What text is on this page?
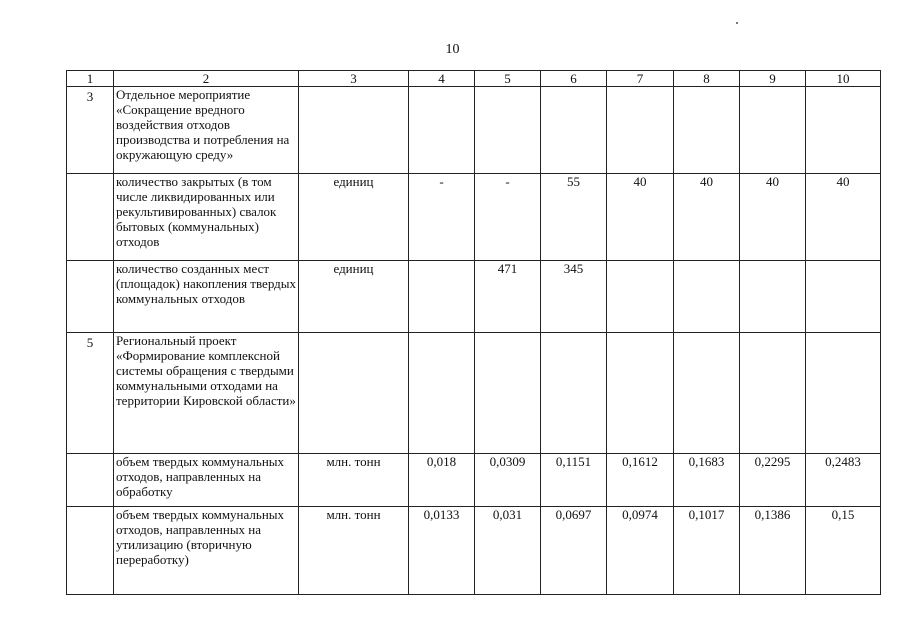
10
1	2	3	4	5	6	7	8	9	10
3	Отдельное мероприятие «Сокращение вредного воздействия отходов производства и потребления на окружающую среду»								
	количество закрытых (в том числе ликвидированных или рекультивированных) свалок бытовых (коммунальных) отходов	единиц	-	-	55	40	40	40	40
	количество созданных мест (площадок) накопления твердых коммунальных отходов	единиц		471	345				
5	Региональный проект «Формирование комплексной системы обращения с твердыми коммунальными отходами на территории Кировской области»								
	объем твердых коммунальных отходов, направленных на обработку	млн. тонн	0,018	0,0309	0,1151	0,1612	0,1683	0,2295	0,2483
	объем твердых коммунальных отходов, направленных на утилизацию (вторичную переработку)	млн. тонн	0,0133	0,031	0,0697	0,0974	0,1017	0,1386	0,15
